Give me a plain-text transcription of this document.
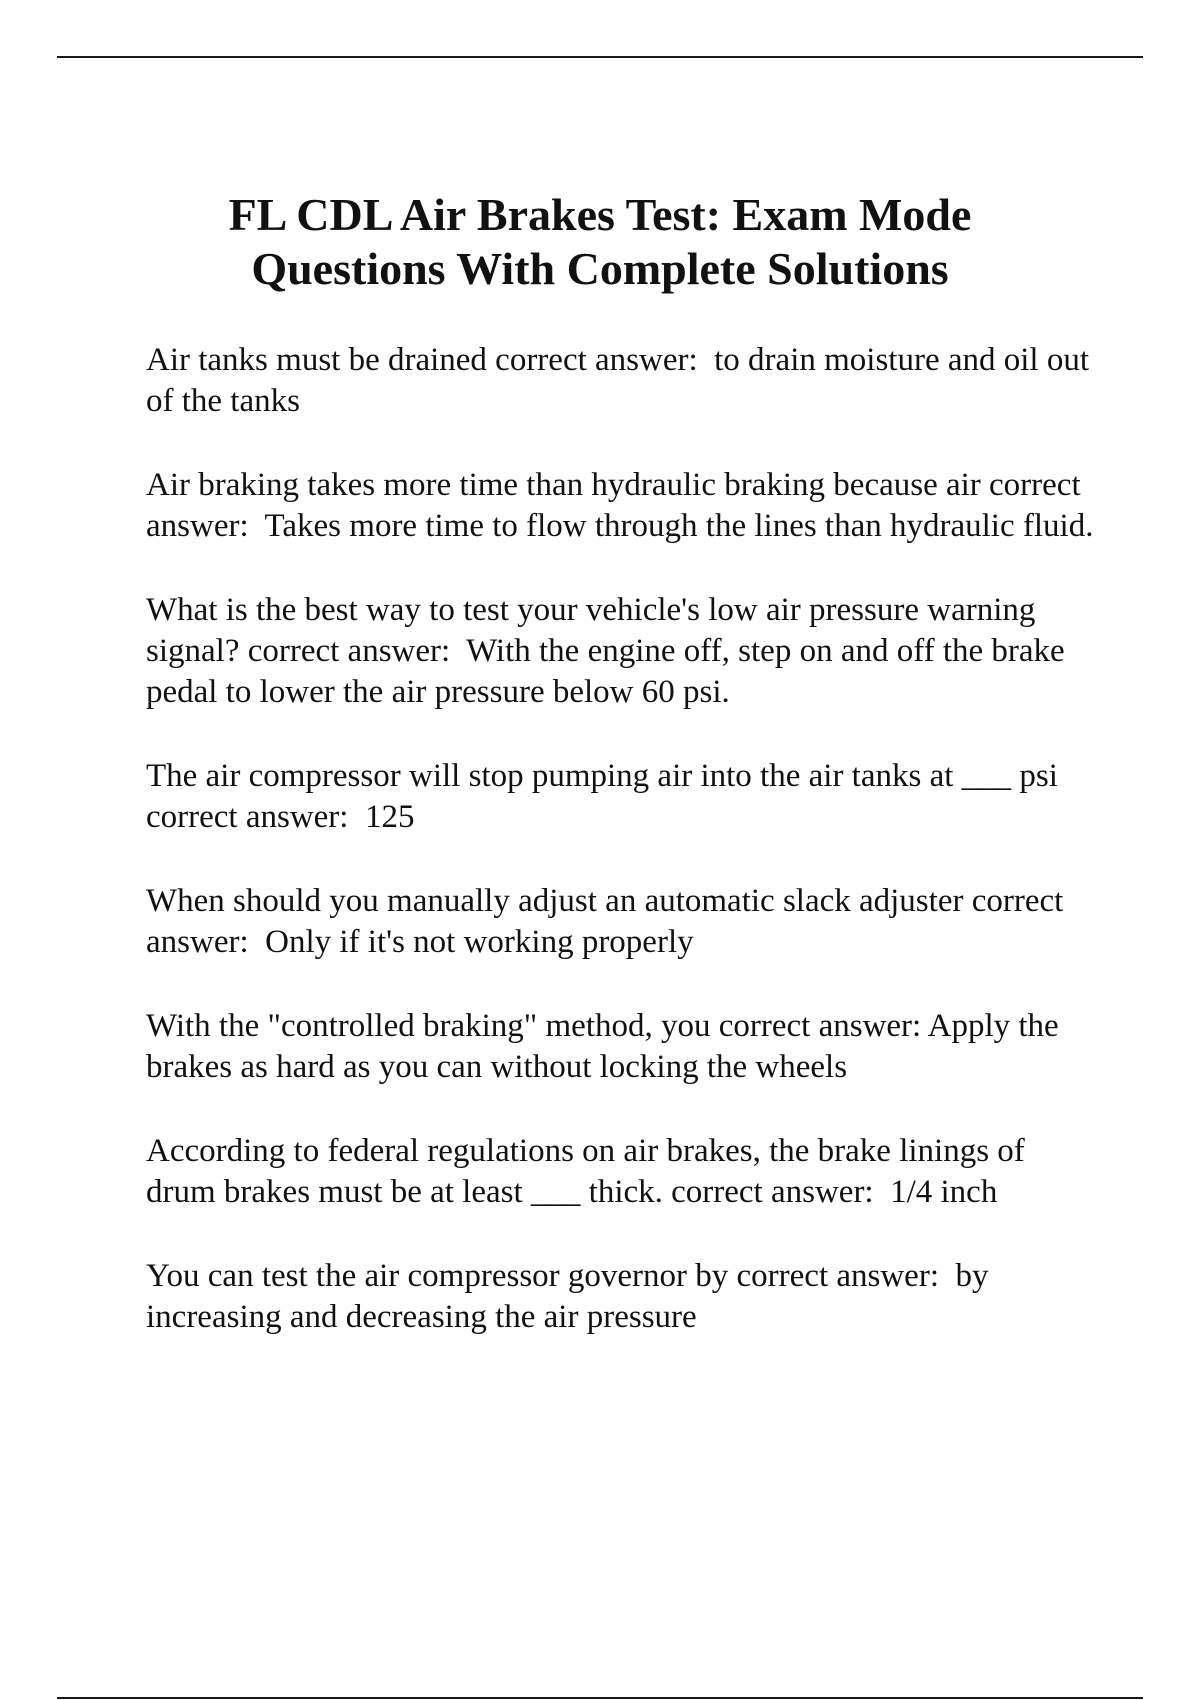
FL CDL Air Brakes Test: Exam Mode
Questions With Complete Solutions
Air tanks must be drained correct answer:  to drain moisture and oil out of the tanks
Air braking takes more time than hydraulic braking because air correct answer:  Takes more time to flow through the lines than hydraulic fluid.
What is the best way to test your vehicle's low air pressure warning signal? correct answer:  With the engine off, step on and off the brake pedal to lower the air pressure below 60 psi.
The air compressor will stop pumping air into the air tanks at ___ psi correct answer:  125
When should you manually adjust an automatic slack adjuster correct answer:  Only if it's not working properly
With the "controlled braking" method, you correct answer: Apply the brakes as hard as you can without locking the wheels
According to federal regulations on air brakes, the brake linings of drum brakes must be at least ___ thick. correct answer:  1/4 inch
You can test the air compressor governor by correct answer:  by increasing and decreasing the air pressure
